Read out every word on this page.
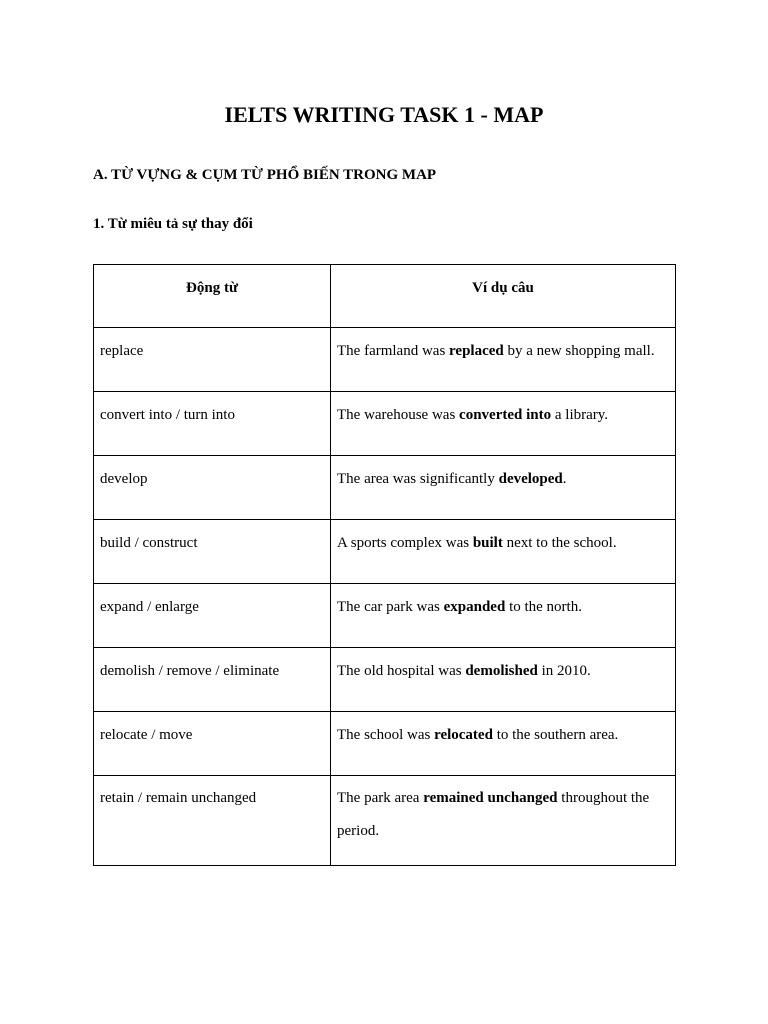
IELTS WRITING TASK 1 - MAP
A. TỪ VỰNG & CỤM TỪ PHỔ BIẾN TRONG MAP
1. Từ miêu tả sự thay đổi
Động từ	Ví dụ câu
replace	The farmland was replaced by a new shopping mall.
convert into / turn into	The warehouse was converted into a library.
develop	The area was significantly developed.
build / construct	A sports complex was built next to the school.
expand / enlarge	The car park was expanded to the north.
demolish / remove / eliminate	The old hospital was demolished in 2010.
relocate / move	The school was relocated to the southern area.
retain / remain unchanged	The park area remained unchanged throughout the period.
